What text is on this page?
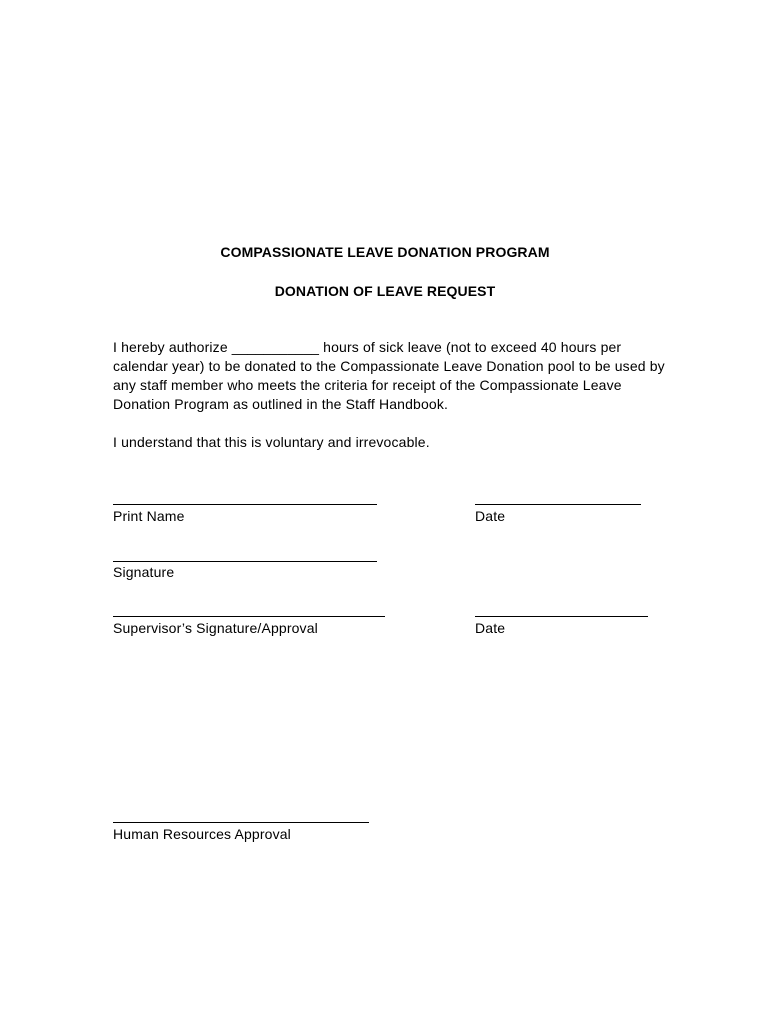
COMPASSIONATE LEAVE DONATION PROGRAM
DONATION OF LEAVE REQUEST
I hereby authorize ___________ hours of sick leave (not to exceed 40 hours per calendar year) to be donated to the Compassionate Leave Donation pool to be used by any staff member who meets the criteria for receipt of the Compassionate Leave Donation Program as outlined in the Staff Handbook.
I understand that this is voluntary and irrevocable.
Print Name	Date
Signature
Supervisor’s Signature/Approval	Date
Human Resources Approval
